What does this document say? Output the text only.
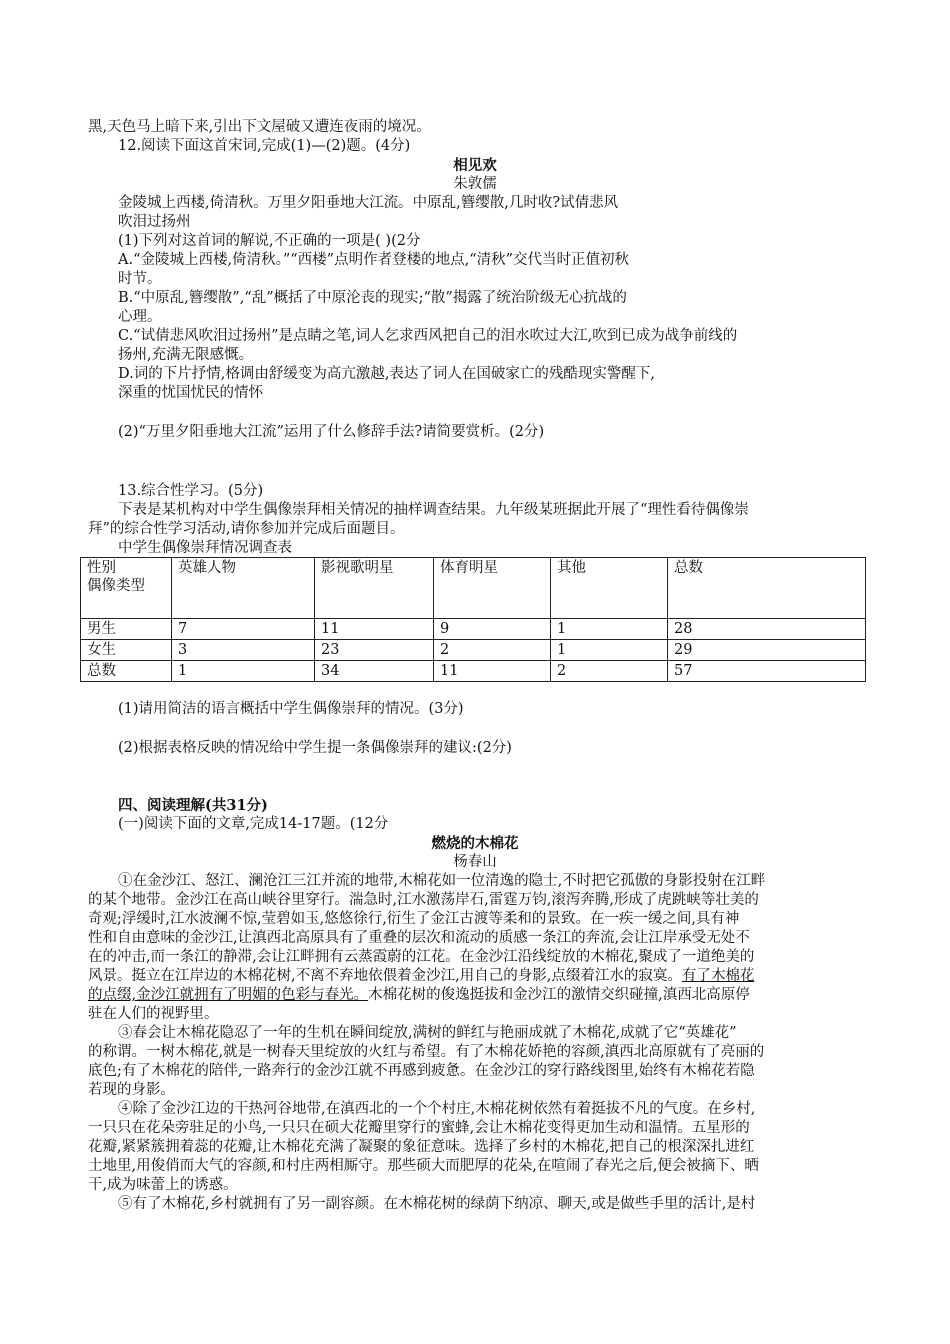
黑,天色马上暗下来,引出下文屋破又遭连夜雨的境况。
12.阅读下面这首宋词,完成(1)—(2)题。(4分)
相见欢
朱敦儒
金陵城上西楼,倚清秋。万里夕阳垂地大江流。中原乱,簪缨散,几时收?试倩悲风
吹泪过扬州
(1)下列对这首词的解说,不正确的一项是( )(2分
A.“金陵城上西楼,倚清秋。”“西楼”点明作者登楼的地点,“清秋”交代当时正值初秋
时节。
B.“中原乱,簪缨散”,“乱”概括了中原沦丧的现实;“散”揭露了统治阶级无心抗战的
心理。
C.“试倩悲风吹泪过扬州”是点睛之笔,词人乞求西风把自己的泪水吹过大江,吹到已成为战争前线的
扬州,充满无限感慨。
D.词的下片抒情,格调由舒缓变为高亢激越,表达了词人在国破家亡的残酷现实警醒下,
深重的忧国忧民的情怀
(2)“万里夕阳垂地大江流”运用了什么修辞手法?请简要赏析。(2分)
13.综合性学习。(5分)
下表是某机构对中学生偶像崇拜相关情况的抽样调查结果。九年级某班据此开展了“理性看待偶像崇
拜”的综合性学习活动,请你参加并完成后面题目。
中学生偶像崇拜情况调查表
性别
偶像类型	英雄人物	影视歌明星	体育明星	其他	总数
男生	7	11	9	1	28
女生	3	23	2	1	29
总数	1	34	11	2	57
(1)请用简洁的语言概括中学生偶像崇拜的情况。(3分)
(2)根据表格反映的情况给中学生提一条偶像崇拜的建议:(2分)
四、阅读理解(共31分)
(一)阅读下面的文章,完成14-17题。(12分
燃烧的木棉花
杨春山
①在金沙江、怒江、澜沧江三江并流的地带,木棉花如一位清逸的隐士,不时把它孤傲的身影投射在江畔
的某个地带。金沙江在高山峡谷里穿行。湍急时,江水激荡岸石,雷霆万钧,滚泻奔腾,形成了虎跳峡等壮美的
奇观;浮缓时,江水波澜不惊,莹碧如玉,悠悠徐行,衍生了金江古渡等柔和的景致。在一疾一缓之间,具有神
性和自由意味的金沙江,让滇西北高原具有了重叠的层次和流动的质感一条江的奔流,会让江岸承受无处不
在的冲击,而一条江的静滞,会让江畔拥有云蒸霞蔚的江花。在金沙江沿线绽放的木棉花,聚成了一道绝美的
风景。挺立在江岸边的木棉花树,不离不弃地依偎着金沙江,用自己的身影,点缀着江水的寂寞。有了木棉花
的点缀,金沙江就拥有了明媚的色彩与春光。木棉花树的俊逸挺拔和金沙江的激情交织碰撞,滇西北高原停
驻在人们的视野里。
③春会让木棉花隐忍了一年的生机在瞬间绽放,满树的鲜红与艳丽成就了木棉花,成就了它“英雄花”
的称谓。一树木棉花,就是一树春天里绽放的火红与希望。有了木棉花娇艳的容颜,滇西北高原就有了亮丽的
底色;有了木棉花的陪伴,一路奔行的金沙江就不再感到疲惫。在金沙江的穿行路线图里,始终有木棉花若隐
若现的身影。
④除了金沙江边的干热河谷地带,在滇西北的一个个村庄,木棉花树依然有着挺拔不凡的气度。在乡村,
一只只在花朵旁驻足的小鸟,一只只在硕大花瓣里穿行的蜜蜂,会让木棉花变得更加生动和温情。五星形的
花瓣,紧紧簇拥着蕊的花瓣,让木棉花充满了凝聚的象征意味。选择了乡村的木棉花,把自己的根深深扎进红
土地里,用俊俏而大气的容颜,和村庄两相厮守。那些硕大而肥厚的花朵,在喧闹了春光之后,便会被摘下、晒
干,成为味蕾上的诱惑。
⑤有了木棉花,乡村就拥有了另一副容颜。在木棉花树的绿荫下纳凉、聊天,或是做些手里的活计,是村
